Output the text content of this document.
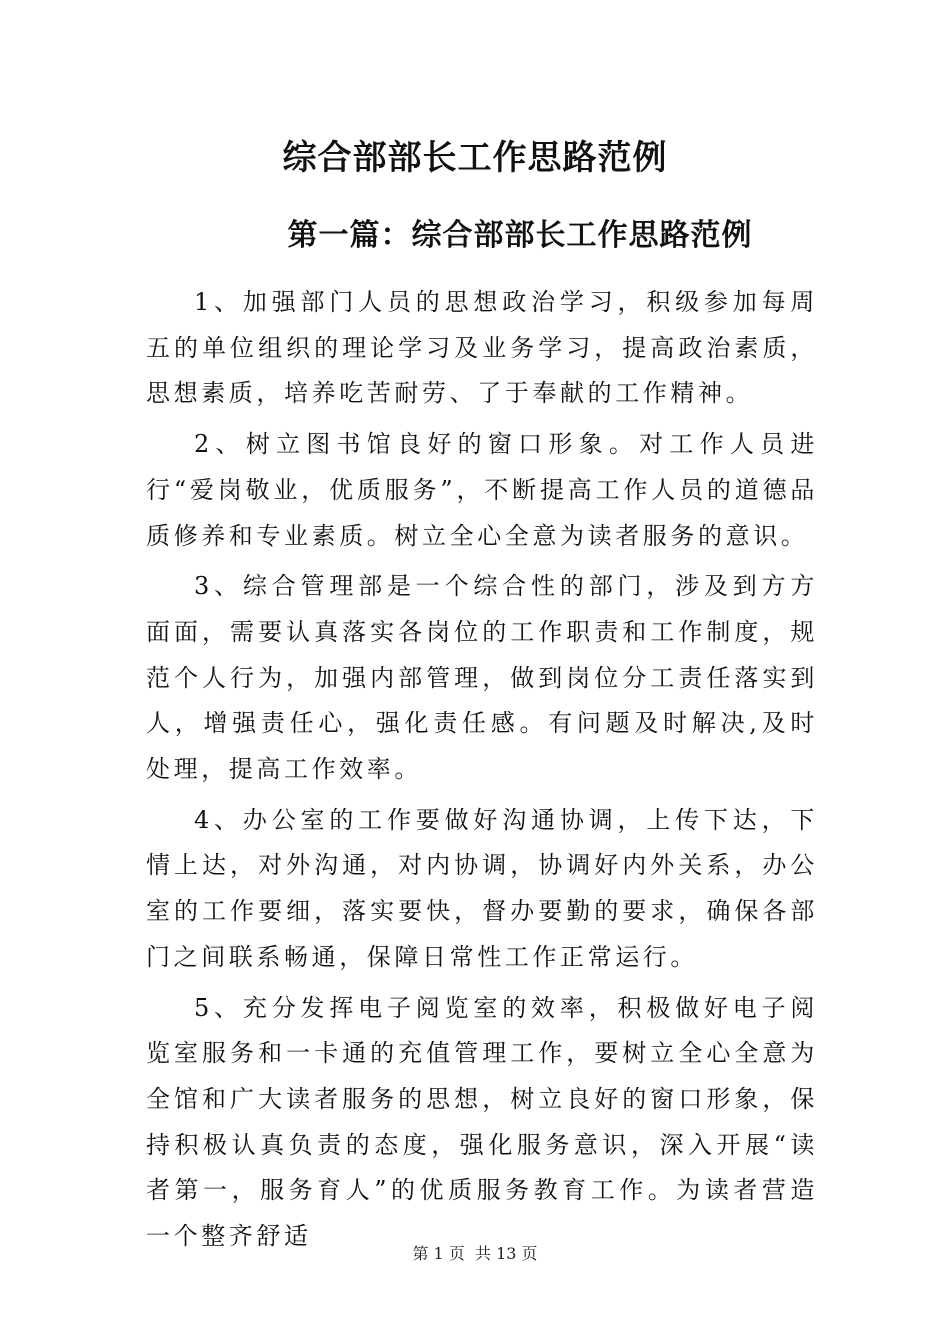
综合部部长工作思路范例
第一篇：综合部部长工作思路范例

1、加强部门人员的思想政治学习，积级参加每周五的单位组织的理论学习及业务学习，提高政治素质，思想素质，培养吃苦耐劳、了于奉献的工作精神。

2、树立图书馆良好的窗口形象。对工作人员进行“爱岗敬业，优质服务”，不断提高工作人员的道德品质修养和专业素质。树立全心全意为读者服务的意识。

3、综合管理部是一个综合性的部门，涉及到方方面面，需要认真落实各岗位的工作职责和工作制度，规范个人行为，加强内部管理，做到岗位分工责任落实到人，增强责任心，强化责任感。有问题及时解决,及时处理，提高工作效率。

4、办公室的工作要做好沟通协调，上传下达，下情上达，对外沟通，对内协调，协调好内外关系，办公室的工作要细，落实要快，督办要勤的要求，确保各部门之间联系畅通，保障日常性工作正常运行。

5、充分发挥电子阅览室的效率，积极做好电子阅览室服务和一卡通的充值管理工作，要树立全心全意为全馆和广大读者服务的思想，树立良好的窗口形象，保持积极认真负责的态度，强化服务意识，深入开展“读者第一，服务育人”的优质服务教育工作。为读者营造一个整齐舒适

第 1 页  共 13 页
